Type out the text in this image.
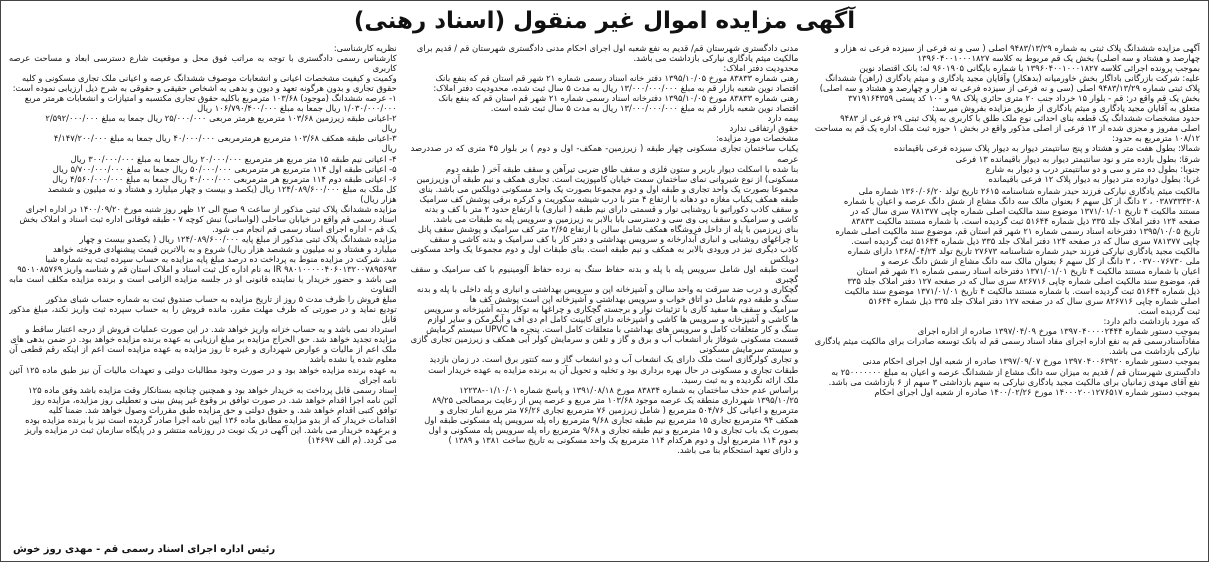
آگهی مزایده اموال غیر منقول (اسناد رهنی)
آگهی مزایده ششدانگ پلاک ثبتی به شماره ۹۴۸۳/۱۳/۲۹ اصلی ( سی و نه فرعی از سیزده فرعی نه هزار و
چهارصد و هشتاد و سه اصلی) بخش یک قم مربوط به کلاسه ۱۳۹۶۰۴۰۰۱۰۰۰۱۸۲۷
بموجب پرونده اجرائی کلاسه ۱۳۹۶۰۴۰۰۱۰۰۰۱۸۲۷ با شماره بایگانی ۹۶۰۱۹۰۵ له: بانک اقتصاد نوین
علیه: شرکت بازرگانی باداگار بخش خاورمیانه (بدهکار) وآقایان مجید یادگاری و میثم یادگاری (راهن) ششدانگ
پلاک ثبتی شماره ۹۴۸۳/۱۳/۲۹ اصلی (سی و نه فرعی از سیزده فرعی نه هزار و چهارصد و هشتاد و سه اصلی)
بخش یک قم واقع در: قم - بلوار ۱۵ خرداد جنب ۲۰ متری حائری پلاک ۹۸ و ۱۰۰ کد پستی ۳۷۱۹۱۶۴۳۵۹
متعلق به آقایان مجید یادگاری و میثم یادگاری از طریق مزایده بفروش میرسد:
حدود مشخصات ششدانگ یک قطعه بنای احداثی نوع ملک طلق با کاربری به پلاک ثبتی ۲۹ فرعی از ۹۴۸۳
اصلی مفروز و مجزی شده از ۱۳ فرعی از اصلی مذکور واقع در بخش ۱ حوزه ثبت ملک اداره یک قم به مساحت
۱۰۸/۱۲ مترمربع به حدود:
شمالا: بطول هفت متر و هشتاد و پنج سانتیمتر دیوار به دیوار پلاک سیزده فرعی باقیمانده
شرقا: بطول بازده متر و نود سانتیمتر دیوار به دیوار باقیمانده ۱۳ فرعی
جنوبا: بطول ده متر و سی و دو سانتیمتر درب و دیوار به شارع
غربا: بطول دوازده متر دیوار به دیوار پلاک ۱۲ فرعی باقیمانده
مالکیت میثم یادگاری نیارکی فرزند حیدر شماره شناسنامه ۲۶۱۵ تاریخ تولد ۱۳۶۰/۰۶/۲۰ شماره ملی
۰۳۸۷۳۳۴۳۰۸ ، ۲ دانگ از کل سهم ۶ بعنوان مالک سه دانگ مشاع از شش دانگ عرصه و اعیان با شماره
مستند مالکیت ۴ تاریخ ۱۳۷۱/۰۱/۰۱ موضوع سند مالکیت اصلی شماره چاپی ۷۸۱۳۷۷ سری سال که در
صفحه ۱۲۴ دفتر املاک جلد ۳۳۵ ذیل شماره ۵۱۶۴۴ ثبت گردیده است. با شماره مستند مالکیت ۸۳۸۳۳
تاریخ ۱۳۹۵/۱۰/۰۵ دفترخانه اسناد رسمی شماره ۲۱ شهر قم استان قم، موضوع سند مالکیت اصلی شماره
چاپی ۷۸۱۳۷۷ سری سال که در صفحه ۱۲۴ دفتر املاک جلد ۳۳۵ ذیل شماره ۵۱۶۴۴ ثبت گردیده است.
مالکیت مجید یادگاری نیارکی فرزند حیدر شماره شناسنامه ۲۷۶۷۳ تاریخ تولد ۱۳۶۸/۰۴/۲۴ دارای شماره
ملی ۰۳۷۰۰۷۶۷۳۰ ، ۳ دانگ از کل سهم ۶ بعنوان مالک سه دانگ مشاع از شش دانگ عرصه و
اعیان با شماره مستند مالکیت ۴ تاریخ ۱۳۷۱/۰۱/۰۱ دفترخانه اسناد رسمی شماره ۲۱ شهر قم استان
قم، موضوع سند مالکیت اصلی شماره چاپی ۸۲۶۷۱۶ سری سال که در صفحه ۱۲۷ دفتر املاک جلد ۳۳۵
ذیل شماره ۵۱۶۴۴ ثبت گردیده است. با شماره مستند مالکیت ۴ تاریخ ۱۳۷۱/۰۱/۰۱ موضوع سند مالکیت
اصلی شماره چاپی ۸۲۶۷۱۶ سری سال که در صفحه ۱۲۷ دفتر املاک جلد ۳۳۵ ذیل شماره ۵۱۶۴۴
ثبت گردیده است.
که مورد بازداشت دائم دارد:
بموجب دستور شماره ۱۳۹۷۰۴۰۰۰۰۲۴۴۴ مورخ ۱۳۹۷/۰۴/۰۹ صادره از اداره اجرای
مفادآسنادرسمی قم به نفع اداره اجرای مفاد اسناد رسمی قم له بانک توسعه صادرات برای مالکیت میثم یادگاری
نیارکی بازداشت می باشد.
بموجب دستور شماره ۱۳۹۷۰۴۰۰۶۳۹۲۰ مورخ ۱۳۹۷/۰۹/۰۷ صادره از شعبه اول اجرای احکام مدنی
دادگستری شهرستان قم / قدیم به میزان سه دانگ مشاع از ششدانگ عرصه و اعیان به مبلغ ۲۵۰۰۰۰۰۰۰ به
نفع آقای مهدی زمانیان برای مالکیت مجید یادگاری نیارکی به سهم بازداشتی ۳ سهم از ۶ بازداشت می باشد.
بموجب دستور شماره ۱۴۰۰۰۲۰۰۱۲۷۶۵۱۷ مورخ ۱۴۰۰/۰۲/۲۶ صادره از شعبه اول اجرای احکام
مدنی دادگستری شهرستان قم/ قدیم به نفع شعبه اول اجرای احکام مدنی دادگستری شهرستان قم / قدیم برای
مالکیت میثم یادگاری نیارکی بازداشت می باشد.
محدودیت دفتر املاک:
رهنی شماره ۸۳۸۳۳ مورخ ۱۳۹۵/۱۰/۰۵ دفتر خانه اسناد رسمی شماره ۲۱ شهر قم استان قم که بنفع بانک
اقتصاد نوین شعبه بازار قم به مبلغ ۱۳/۰۰۰/۰۰۰/۰۰۰ ریال به مدت ۵ سال ثبت شده، محدودیت دفتر املاک:
رهنی شماره ۸۳۸۳۳ مورخ ۱۳۹۵/۱۰/۰۵ دفترخانه اسناد رسمی شماره ۲۱ شهر قم استان قم که بنفع بانک
اقتصاد نوین شعبه بازار قم به مبلغ ۱۳/۰۰۰/۰۰۰/۰۰۰ ریال به مدت ۵ سال ثبت شده است.
بیمه دارد
حقوق ارتفاقی ندارد
مشخصات مورد مزایده:
یکباب ساختمان تجاری مسکونی چهار طبقه ( زیرزمین- همکف- اول و دوم ) بر بلوار ۴۵ متری که در صددرصد عرصه
بنا شده با اسکلت دیوار باربر و ستون فلزی و سقف طاق ضربی تیرآهن و سقف طبقه آخر ( طبقه دوم
مسکونی) از نوع شیروانی نمای ساختمان سمت خیابان کامپوزیت است. تجاری همکف و نیم طبقه آن وزیرزمین
مجموعا بصورت یک واحد تجاری و طبقه اول و دوم مجموعا بصورت یک واحد مسکونی دوبلکس می باشد. بنای
طبقه همکف یکباب مغازه دو دهانه با ارتفاع ۴ متر با درب شیشه سکوریت و کرکره برقی پوشش کف سرامیک
و سقف کاذب دکوراتیو با روشنایی نوار و قسمتی دارای نیم طبقه ( انباری) با ارتفاع حدود ۲ متر با کف و بدنه
کاشی و سرامیک و سقف پی وی سی و دسترسی بابا بالابر به زیرزمین و سرویس پله به طبقات می باشد.
بنای زیرزمین با پله از داخل فروشگاه همکف شامل سالن با ارتفاع ۲/۶۵ متر کف سرامیک و پوشش سقف پانل
با چراغهای روشنایی و انباری آبدارخانه و سرویس بهداشتی و دفتر کار با کف سرامیک و بدنه کاشی و سقف
کاذب دیگری نیز در ورودی بالابر به همکف و نیم طبقه است. بنای طبقات اول و دوم مجموعا یک واحد مسکونی دوبلکس
است طبقه اول شامل سرویس پله با پله و بدنه حفاظ سنگ به نرده حفاظ آلومینیوم با کف سرامیک و سقف گچبری
گچکاری و درب ضد سرقت به واحد سالن و آشپزخانه اپن و سرویس بهداشتی و انباری و پله داخلی با پله و بدنه
سنگ و طبقه دوم شامل دو اتاق خواب و سرویس بهداشتی و آشپزخانه اپن است پوشش کف ها
سرامیک و سقف ها سفید کاری با تزئینات نوار و برجسته گچکاری و چراغها به توکار بدنه آشپزخانه و سرویس
ها کاشی و آشپزخانه و سرویس ها کاشی و آشپزخانه دارای کابینت کامل ام دی اف و آبگرمکن و سایر لوازم
سنگ و کار متعلقات کامل و سرویس های بهداشتی با متعلقات کامل است. پنجره ها UPVC سیستم گرمایش
قسمت مسکونی شوفاژ بار انشعاب آب و برق و گاز و تلفن و سرمایش کولر آبی همکف و زیرزمین تجاری گازی و سیستم سرمایش مسکونی
و تجاری کولرگازی است ملک دارای یک انشعاب آب و دو انشعاب گاز و سه کنتور برق است. در زمان بازدید
طبقات تجاری و مسکونی در حال بهره برداری بود و تخلیه و تحویل آن به برنده مزایده به عهده خریدار است
ملک ارائه نگردیده و به ثبت رسید.
براساس عدم حذف ساختمان به شماره ۸۳۸۳۴ مورخ ۱۳۹۱/۰۸/۱۸ و پاسخ شماره ۰۱/۱۰/۰۱-۱۲۲۳۸
۱۳۹۵/۱۰/۲۵ شهرداری منطقه یک عرصه موجود ۱۰۳/۶۸ متر مربع و عرصه پس از رعایت برمصالحی ۸۹/۲۵
مترمربع و اعیانی کل ۵۰۴/۷۶ مترمربع ( شامل زیرزمین ۷۶ مترمربع تجاری ۷۶/۲۶ متر مربع انبار تجاری و
همکف ۹۴ مترمربع تجاری ۱۵ مترمربع نیم طبقه تجاری ۹/۶۸ مترمربع راه پله سرویس پله مسکونی طبقه اول
بصورت یک باب تجاری و ۱۵ مترمربع و نیم طبقه تجاری و ۹/۶۸ مترمربع راه پله سرویس پله مسکونی و اول
و دوم ۱۱۴ مترمربع اول و دوم هرکدام ۱۱۴ مترمربع یک واحد مسکونی به تاریخ ساخت ۱۳۸۱ و ۱۳۸۹ )
و دارای تعهد استحکام بنا می باشد.
نظریه کارشناسی:
کارشناس رسمی دادگستری با توجه به مراتب فوق محل و موقعیت شارع دسترسی ابعاد و مساحت عرصه کاربری
وکمیت و کیفیت مشخصات اعیانی و انشعابات موصوف ششدانگ عرصه و اعیانی ملک تجاری مسکونی و کلیه
حقوق تجاری و بدون هرگونه تعهد و دیون و بدهی به اشخاص حقیقی و حقوقی به شرح ذیل ارزیابی نموده است:
۱- عرصه ششدانگ (موجود) ۱۰۳/۶۸ مترمربع باکلیه حقوق تجاری مکتسبه و امتیازات و انشعابات هرمتر مربع
۱/۰۳۰/۰۰۰/۰۰۰ ریال جمعا به مبلغ ۱۰۶/۷۹۰/۴۰۰/۰۰۰ ریال
۲-اعیانی طبقه زیرزمین ۱۰۳/۶۸ مترمربع هرمتر مربعی ۲۵/۰۰۰/۰۰۰ ریال جمعا به مبلغ ۲/۵۹۲/۰۰۰/۰۰۰
ریال
۳-اعیانی طبقه همکف ۱۰۳/۶۸ مترمربع هرمترمربعی ۴۰/۰۰۰/۰۰۰ ریال جمعا به مبلغ ۴/۱۴۷/۲۰۰/۰۰۰
ریال
۴- اعیانی نیم طبقه ۱۵ متر مربع هر مترمربع ۲۰/۰۰۰/۰۰۰ ریال جمعا به مبلغ ۳۰۰/۰۰۰/۰۰۰ ریال
۵- اعیانی طبقه اول ۱۱۴ مترمربع هر مترمربعی ۵۰/۰۰۰/۰۰۰ ریال جمعا به مبلغ ۵/۷۰۰/۰۰۰/۰۰۰ ریال
۶- اعیانی طبقه دوم ۱۱۴ مترمربع هر مترمربعی ۴۰/۰۰۰/۰۰۰ ریال جمعا به مبلغ ۴/۵۶۰/۰۰۰/۰۰۰ ریال
کل ملک به مبلغ ۱۲۴/۰۸۹/۶۰۰/۰۰۰ ریال (یکصد و بیست و چهار میلیارد و هشتاد و نه میلیون و ششصد
هزار ریال)
مزایده ششدانگ پلاک ثبتی مذکور از ساعت ۹ صبح الی ۱۲ ظهر روز شنبه مورخ ۱۴۰۰/۰۹/۲۰ در اداره اجرای
اسناد رسمی قم واقع در خیابان ساحلی (لواسانی) نبش کوچه ۷ - طبقه فوقانی اداره ثبت اسناد و املاک بخش
یک قم - اداره اجرای اسناد رسمی قم انجام می شود.
مزایده ششدانگ پلاک ثبتی مذکور از مبلغ پایه ۱۲۴/۰۸۹/۶۰۰/۰۰۰ ریال ( یکصدو بیست و چهار
میلیارد و هشتاد و نه میلیون و ششصد هزار ریال) شروع و به بالاترین قیمت پیشنهادی فروخته خواهد
شد. شرکت در مزایده منوط به پرداخت ده درصد مبلغ پایه مزایده به حساب سپرده ثبت به شماره شبا
IR ۹۸۰۱۰۰۰۰۰۴۰۶۰۱۳۲۰۰۷۸۹۵۶۹۳ به نام اداره کل ثبت اسناد و املاک استان قم و شناسه واریز ۹۵۰۱۰۸۵۷۶۹
می باشد و حضور خریدار یا نماینده قانونی او در جلسه مزایده الزامی است و برنده مزایده مکلف است مابه التفاوت
مبلغ فروش را ظرف مدت ۵ روز از تاریخ مزایده به حساب صندوق ثبت به شماره حساب شبای مذکور
تودیع نماید و در صورتی که ظرف مهلت مقرر، مانده فروش را به حساب سپرده ثبت واریز نکند، مبلغ مذکور قابل
استرداد نمی باشد و به حساب خزانه واریز خواهد شد. در این صورت عملیات فروش از درجه اعتبار ساقط و
مزایده تجدید خواهد شد. حق الحراج مزایده بر مبلغ ارزیابی به عهده برنده مزایده خواهد بود. در ضمن بدهی های
ملک اعم از مالیات و عوارض شهرداری و غیره تا روز مزایده به عهده مزایده است اعم از اینکه رقم قطعی آن معلوم شده یا نشده باشد
به عهده برنده مزایده خواهد بود و در صورت وجود مطالبات دولتی و تعهدات مالیات آن نیز طبق ماده ۱۲۵ آئین نامه اجرای
اسناد رسمی قابل پرداخت به خریدار خواهد بود و همچنین چنانچه بستانکار وقت مزایده باشد وفق ماده ۱۲۵
آئین نامه اجرا اقدام خواهد شد. در صورت توافق بر وقوع غیر پیش بینی و تعطیلی روز مزایده، مزایده روز
توافق کتبی اقدام خواهد شد. و حقوق دولتی و حق مزایده طبق مقررات وصول خواهد شد. ضمنا کلیه
اقدامات خریدار که از بدو مزایده مطابق ماده ۱۳۶ آیین نامه اجرا صادر گردیده است نیز با برنده مزایده بوده
و برعهده خریدار می باشد. این آگهی در یک نوبت در روزنامه منتشر و در پایگاه سازمان ثبت در مزایده واریز
می گردد. (م الف ۱۴۶۹۷)
رئیس اداره اجرای اسناد رسمی قم - مهدی روز خوش
